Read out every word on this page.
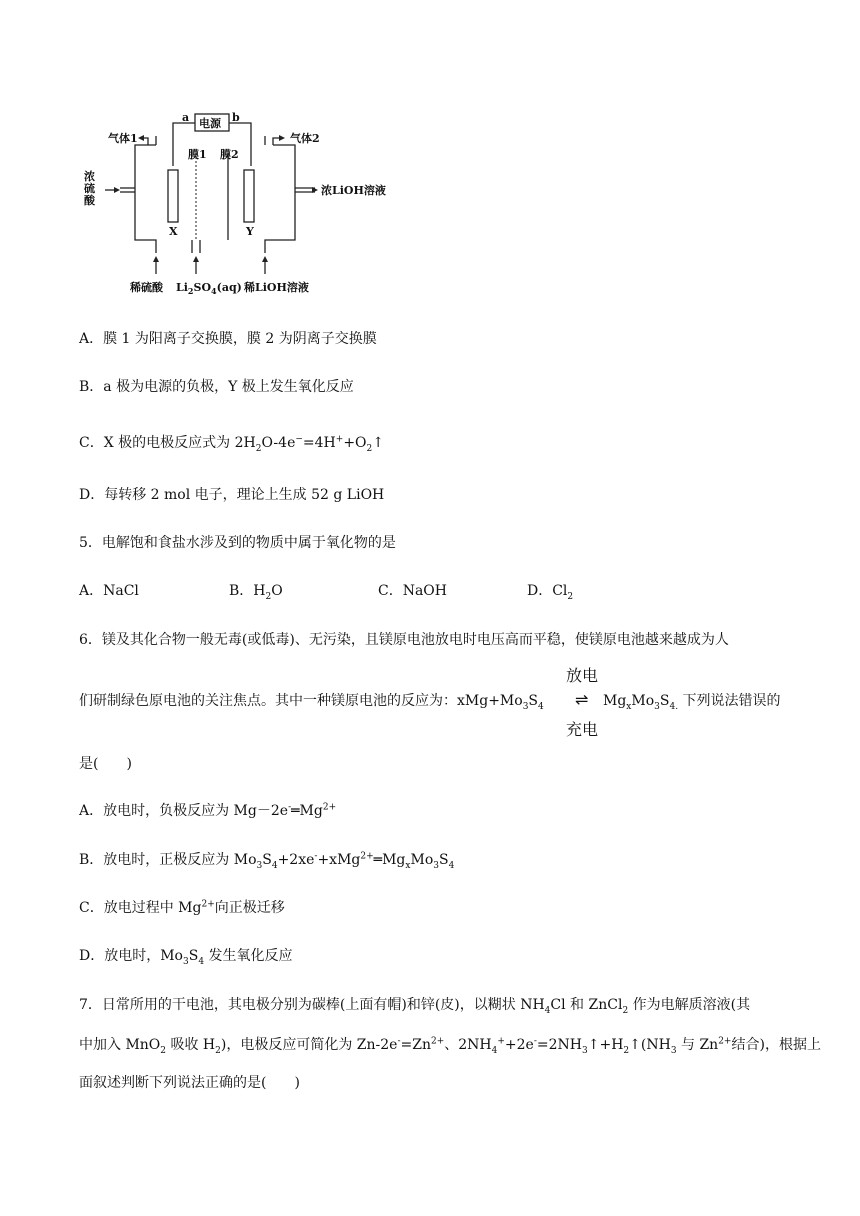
a	b
电源
气体1	气体2
膜1 膜2
浓
硫
酸
浓LiOH溶液
X	Y
稀硫酸 $Li_2SO_4(aq)$ 稀LiOH溶液
A．膜 1 为阳离子交换膜，膜 2 为阴离子交换膜
B．a 极为电源的负极，Y 极上发生氧化反应
C．X 极的电极反应式为 $2H_2O-4e^-=4H^++O_2↑$
D．每转移 2 mol 电子，理论上生成 52 g LiOH
5．电解饱和食盐水涉及到的物质中属于氧化物的是
A．NaCl	B．$H_2O$	C．NaOH	D．$Cl_2$
6．镁及其化合物一般无毒(或低毒)、无污染，且镁原电池放电时电压高而平稳，使镁原电池越来越成为人
放电
们研制绿色原电池的关注焦点。其中一种镁原电池的反应为：$xMg+Mo_3S_4$ ⇌ $Mg_xMo_3S_{4.}$ 下列说法错误的
充电
是(　　)
A．放电时，负极反应为 $Mg-2e^-═Mg^{2+}$
B．放电时，正极反应为 $Mo_3S_4+2xe^-+xMg^{2+}═Mg_xMo_3S_4$
C．放电过程中 $Mg^{2+}$向正极迁移
D．放电时，$Mo_3S_4$ 发生氧化反应
7．日常所用的干电池，其电极分别为碳棒(上面有帽)和锌(皮)，以糊状 $NH_4Cl$ 和 ZnCl$_2$ 作为电解质溶液(其
中加入 MnO$_2$ 吸收 $H_2$)，电极反应可简化为 $Zn-2e^-=Zn^{2+}$、$2NH_4^++2e^-=2NH_3↑+H_2↑(NH_3$ 与 $Zn^{2+}$结合)，根据上
面叙述判断下列说法正确的是(　　)
